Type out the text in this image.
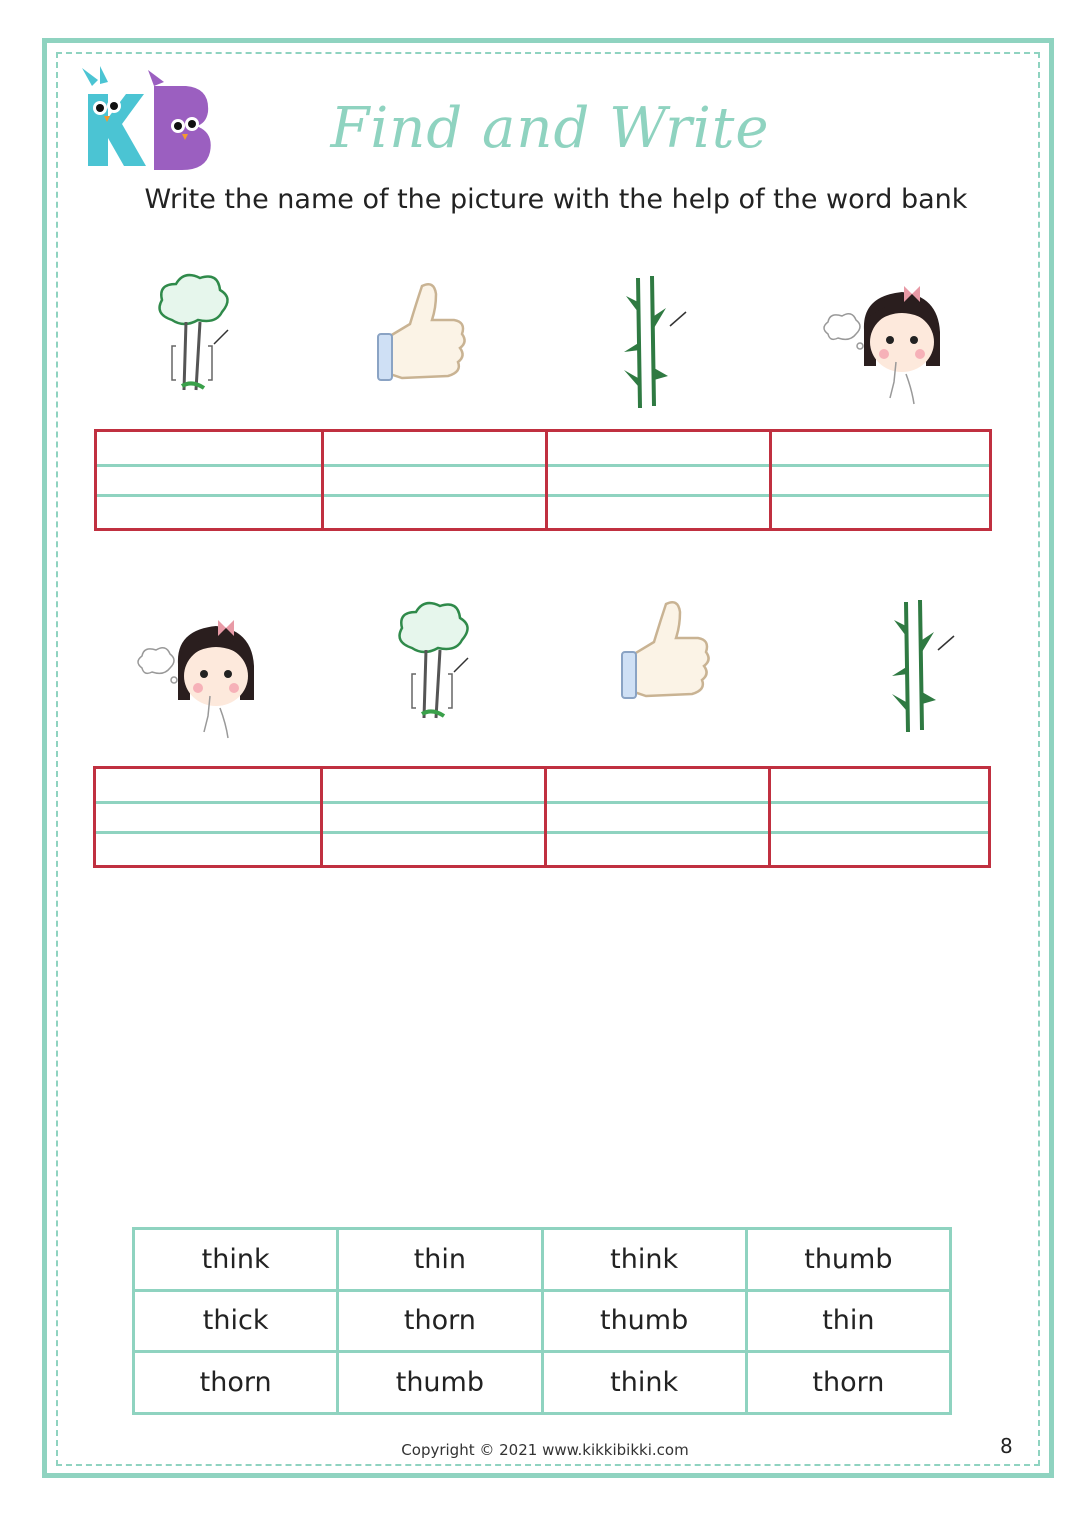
Find and Write
Write the name of the picture with the help of the word bank
think	thin	think	thumb
thick	thorn	thumb	thin
thorn	thumb	think	thorn
Copyright © 2021 www.kikkibikki.com	8
